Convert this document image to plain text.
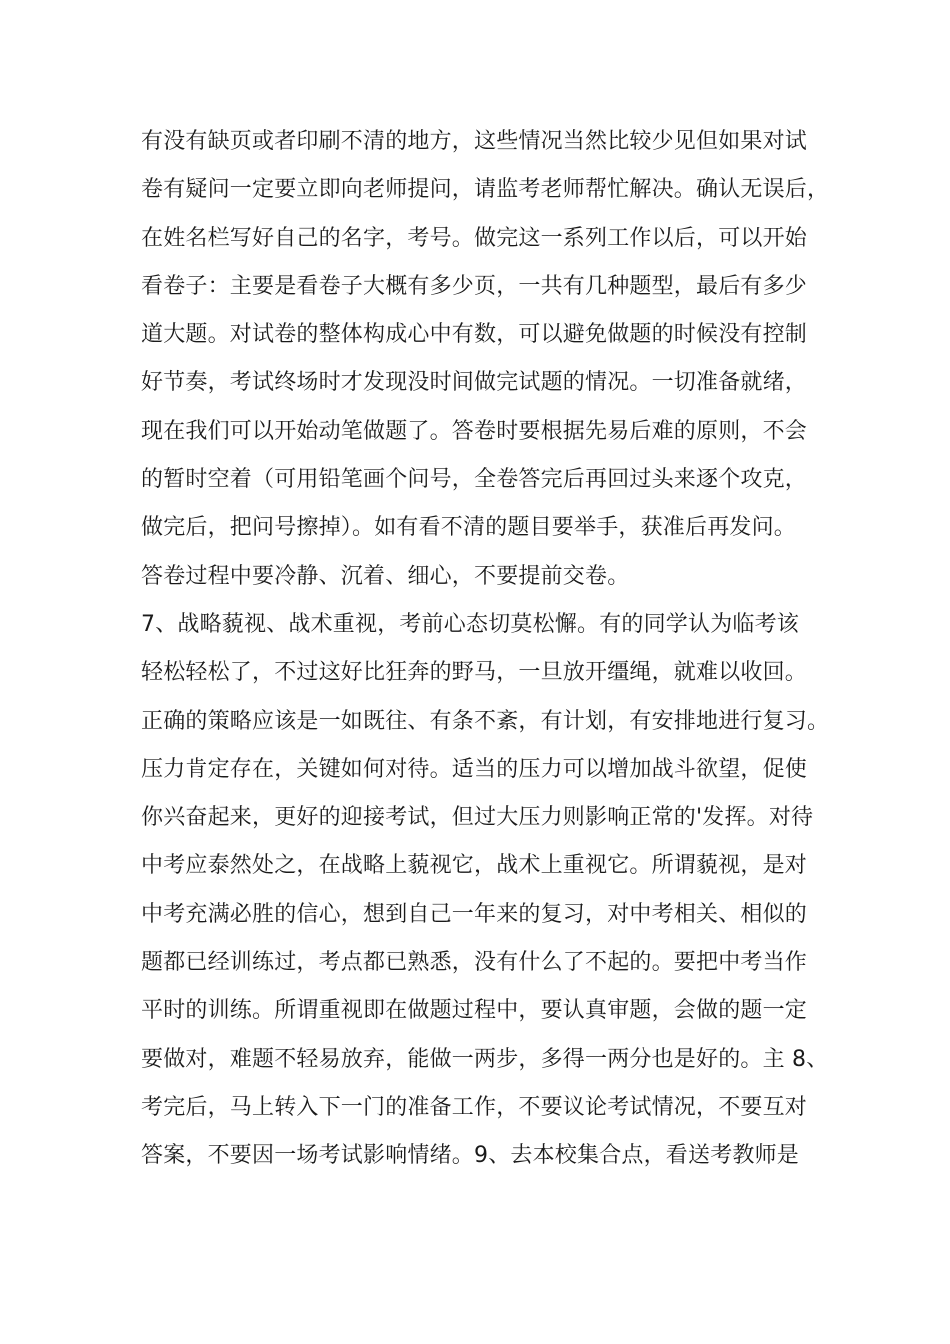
有没有缺页或者印刷不清的地方，这些情况当然比较少见但如果对试
卷有疑问一定要立即向老师提问，请监考老师帮忙解决。确认无误后，
在姓名栏写好自己的名字，考号。做完这一系列工作以后，可以开始
看卷子：主要是看卷子大概有多少页，一共有几种题型，最后有多少
道大题。对试卷的整体构成心中有数，可以避免做题的时候没有控制
好节奏，考试终场时才发现没时间做完试题的情况。一切准备就绪，
现在我们可以开始动笔做题了。答卷时要根据先易后难的原则，不会
的暂时空着（可用铅笔画个问号，全卷答完后再回过头来逐个攻克，
做完后，把问号擦掉）。如有看不清的题目要举手，获准后再发问。
答卷过程中要冷静、沉着、细心，不要提前交卷。
7、战略藐视、战术重视，考前心态切莫松懈。有的同学认为临考该
轻松轻松了，不过这好比狂奔的野马，一旦放开缰绳，就难以收回。
正确的策略应该是一如既往、有条不紊，有计划，有安排地进行复习。
压力肯定存在，关键如何对待。适当的压力可以增加战斗欲望，促使
你兴奋起来，更好的迎接考试，但过大压力则影响正常的'发挥。对待
中考应泰然处之，在战略上藐视它，战术上重视它。所谓藐视，是对
中考充满必胜的信心，想到自己一年来的复习，对中考相关、相似的
题都已经训练过，考点都已熟悉，没有什么了不起的。要把中考当作
平时的训练。所谓重视即在做题过程中，要认真审题，会做的题一定
要做对，难题不轻易放弃，能做一两步，多得一两分也是好的。主 8、
考完后，马上转入下一门的准备工作，不要议论考试情况，不要互对
答案，不要因一场考试影响情绪。9、去本校集合点，看送考教师是
